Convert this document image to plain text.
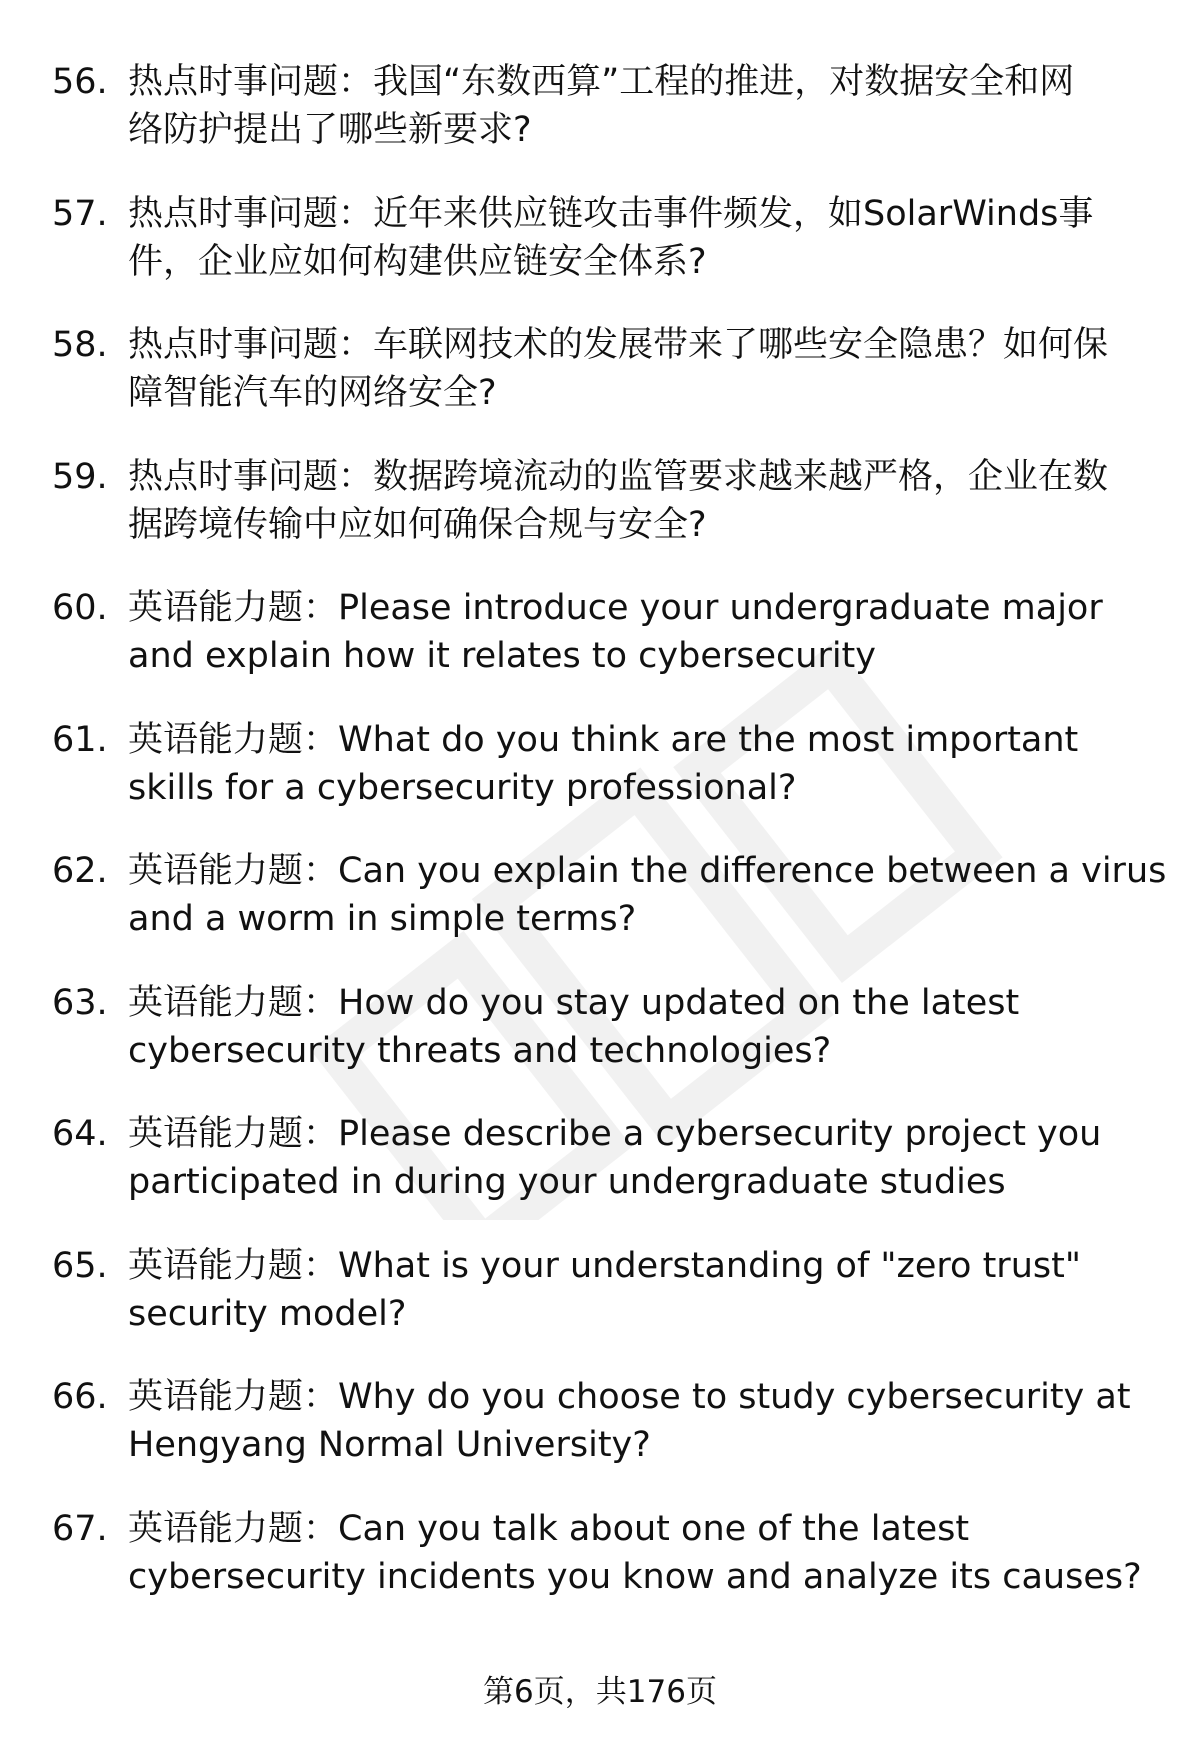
56. 热点时事问题：我国“东数西算”工程的推进，对数据安全和网
络防护提出了哪些新要求?
57. 热点时事问题：近年来供应链攻击事件频发，如SolarWinds事
件，企业应如何构建供应链安全体系?
58. 热点时事问题：车联网技术的发展带来了哪些安全隐患？如何保
障智能汽车的网络安全?
59. 热点时事问题：数据跨境流动的监管要求越来越严格，企业在数
据跨境传输中应如何确保合规与安全?
60. 英语能力题：Please introduce your undergraduate major
and explain how it relates to cybersecurity
61. 英语能力题：What do you think are the most important
skills for a cybersecurity professional?
62. 英语能力题：Can you explain the difference between a virus
and a worm in simple terms?
63. 英语能力题：How do you stay updated on the latest
cybersecurity threats and technologies?
64. 英语能力题：Please describe a cybersecurity project you
participated in during your undergraduate studies
65. 英语能力题：What is your understanding of "zero trust"
security model?
66. 英语能力题：Why do you choose to study cybersecurity at
Hengyang Normal University?
67. 英语能力题：Can you talk about one of the latest
cybersecurity incidents you know and analyze its causes?
第6页，共176页
